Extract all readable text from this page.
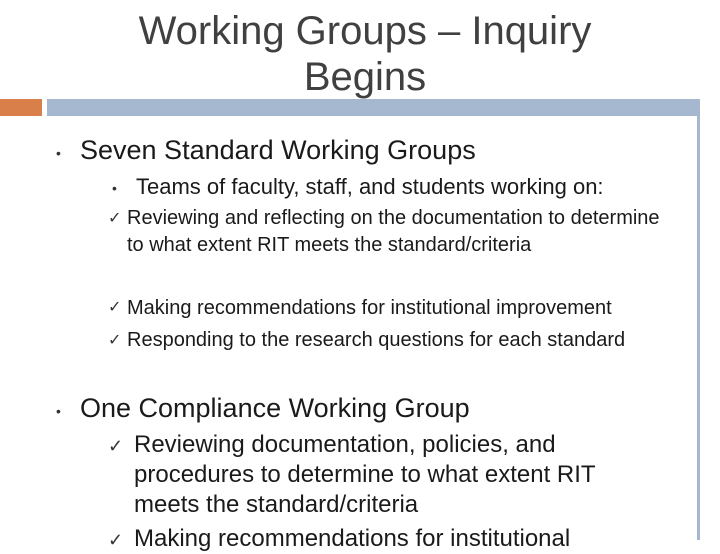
Working Groups – Inquiry Begins
• Seven Standard Working Groups
• Teams of faculty, staff, and students working on:
✓ Reviewing and reflecting on the documentation to determine to what extent RIT meets the standard/criteria
✓ Making recommendations for institutional improvement
✓ Responding to the research questions for each standard
• One Compliance Working Group
✓ Reviewing documentation, policies, and procedures to determine to what extent RIT meets the standard/criteria
✓ Making recommendations for institutional
